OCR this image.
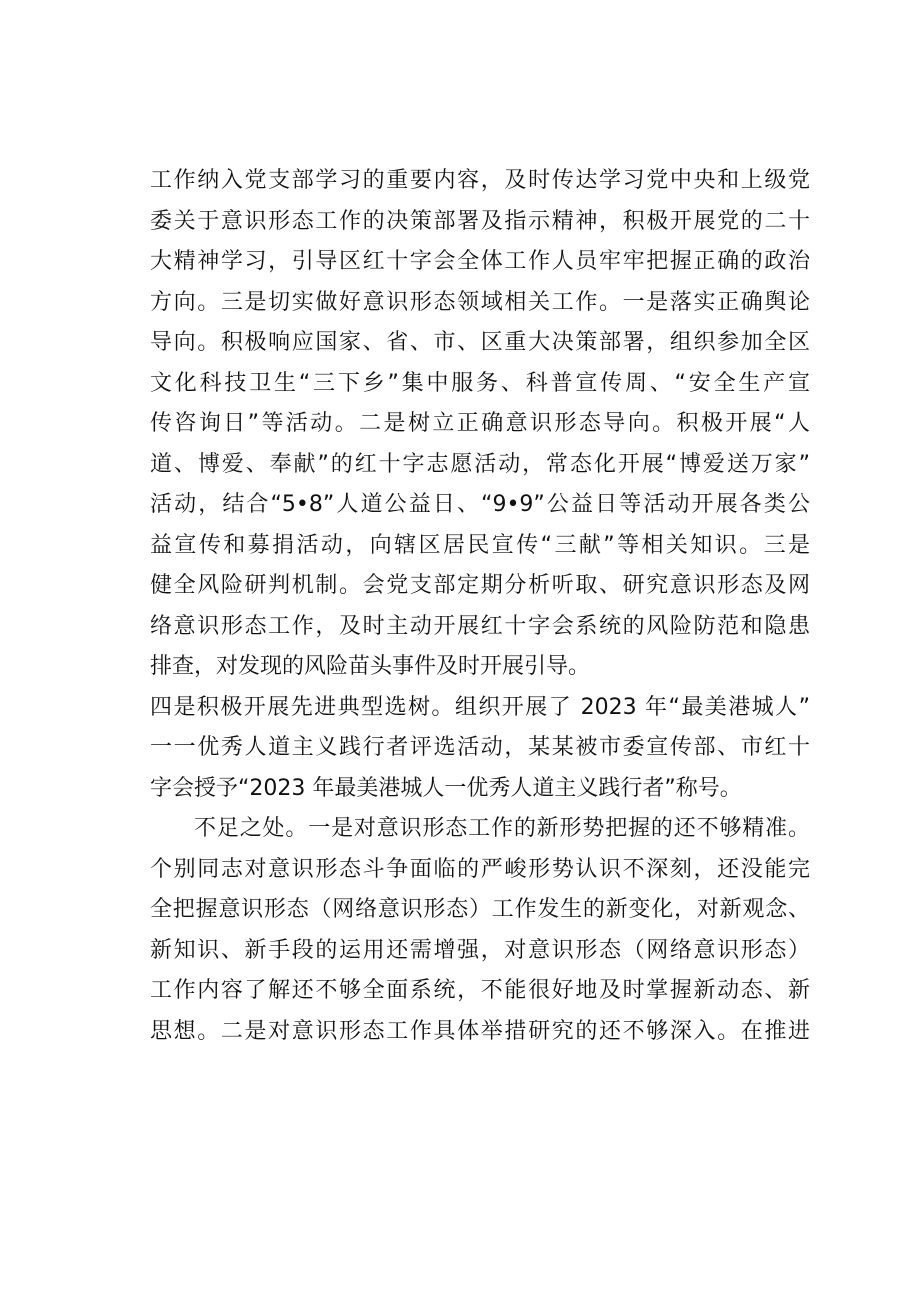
工作纳入党支部学习的重要内容，及时传达学习党中央和上级党
委关于意识形态工作的决策部署及指示精神，积极开展党的二十
大精神学习，引导区红十字会全体工作人员牢牢把握正确的政治
方向。三是切实做好意识形态领域相关工作。一是落实正确舆论
导向。积极响应国家、省、市、区重大决策部署，组织参加全区
文化科技卫生“三下乡”集中服务、科普宣传周、“安全生产宣
传咨询日”等活动。二是树立正确意识形态导向。积极开展“人
道、博爱、奉献”的红十字志愿活动，常态化开展“博爱送万家”
活动，结合“5•8”人道公益日、“9•9”公益日等活动开展各类公
益宣传和募捐活动，向辖区居民宣传“三献”等相关知识。三是
健全风险研判机制。会党支部定期分析听取、研究意识形态及网
络意识形态工作，及时主动开展红十字会系统的风险防范和隐患
排查，对发现的风险苗头事件及时开展引导。
四是积极开展先进典型选树。组织开展了 2023 年“最美港城人”
一一优秀人道主义践行者评选活动，某某被市委宣传部、市红十
字会授予“2023 年最美港城人一优秀人道主义践行者”称号。
不足之处。一是对意识形态工作的新形势把握的还不够精准。
个别同志对意识形态斗争面临的严峻形势认识不深刻，还没能完
全把握意识形态（网络意识形态）工作发生的新变化，对新观念、
新知识、新手段的运用还需增强，对意识形态（网络意识形态）
工作内容了解还不够全面系统，不能很好地及时掌握新动态、新
思想。二是对意识形态工作具体举措研究的还不够深入。在推进
